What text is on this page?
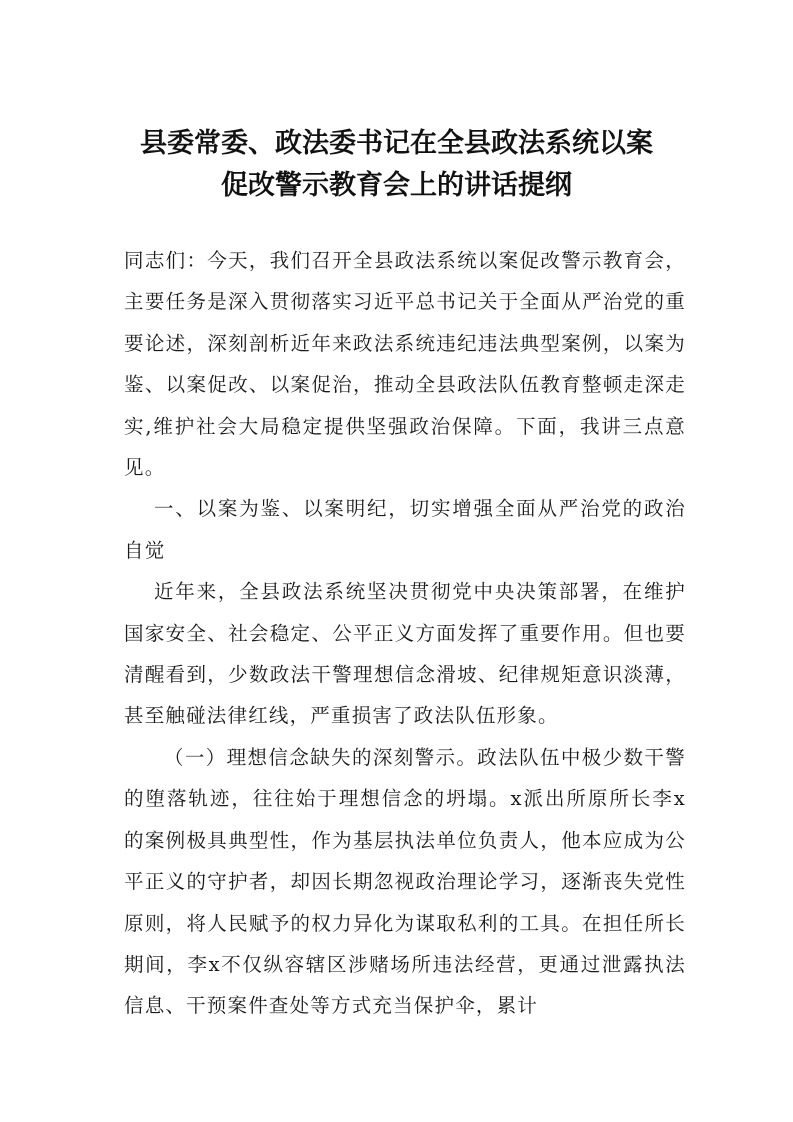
县委常委、政法委书记在全县政法系统以案
促改警示教育会上的讲话提纲

同志们：今天，我们召开全县政法系统以案促改警示教育会，主要任务是深入贯彻落实习近平总书记关于全面从严治党的重要论述，深刻剖析近年来政法系统违纪违法典型案例，以案为鉴、以案促改、以案促治，推动全县政法队伍教育整顿走深走实,维护社会大局稳定提供坚强政治保障。下面，我讲三点意见。

一、以案为鉴、以案明纪，切实增强全面从严治党的政治自觉

近年来，全县政法系统坚决贯彻党中央决策部署，在维护国家安全、社会稳定、公平正义方面发挥了重要作用。但也要清醒看到，少数政法干警理想信念滑坡、纪律规矩意识淡薄，甚至触碰法律红线，严重损害了政法队伍形象。

（一）理想信念缺失的深刻警示。政法队伍中极少数干警的堕落轨迹，往往始于理想信念的坍塌。x派出所原所长李x的案例极具典型性，作为基层执法单位负责人，他本应成为公平正义的守护者，却因长期忽视政治理论学习，逐渐丧失党性原则，将人民赋予的权力异化为谋取私利的工具。在担任所长期间，李x不仅纵容辖区涉赌场所违法经营，更通过泄露执法信息、干预案件查处等方式充当保护伞，累计
